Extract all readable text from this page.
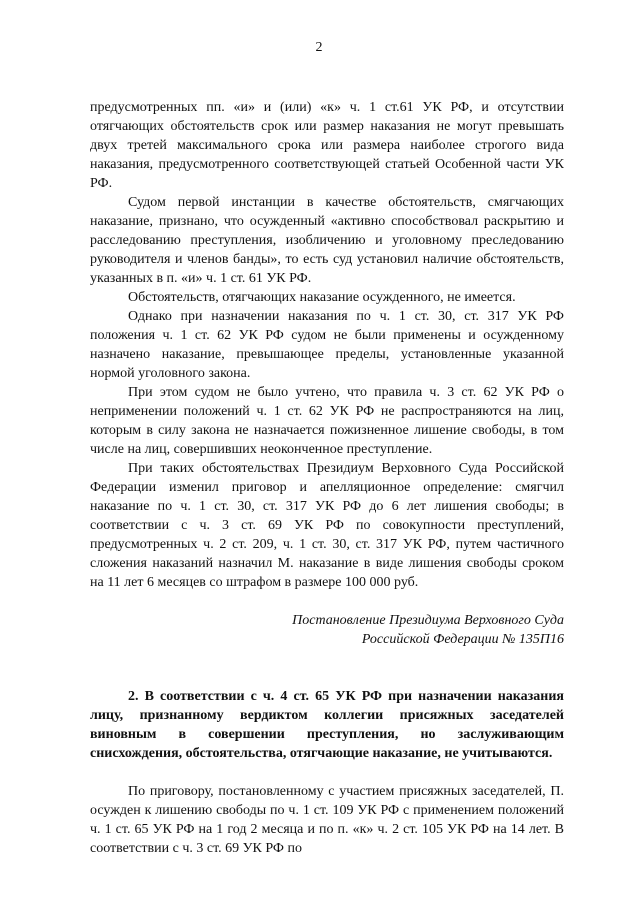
2

предусмотренных пп. «и» и (или) «к» ч. 1 ст.61 УК РФ, и отсутствии отягчающих обстоятельств срок или размер наказания не могут превышать двух третей максимального срока или размера наиболее строгого вида наказания, предусмотренного соответствующей статьей Особенной части УК РФ.

Судом первой инстанции в качестве обстоятельств, смягчающих наказание, признано, что осужденный «активно способствовал раскрытию и расследованию преступления, изобличению и уголовному преследованию руководителя и членов банды», то есть суд установил наличие обстоятельств, указанных в п. «и» ч. 1 ст. 61 УК РФ.

Обстоятельств, отягчающих наказание осужденного, не имеется.

Однако при назначении наказания по ч. 1 ст. 30, ст. 317 УК РФ положения ч. 1 ст. 62 УК РФ судом не были применены и осужденному назначено наказание, превышающее пределы, установленные указанной нормой уголовного закона.

При этом судом не было учтено, что правила ч. 3 ст. 62 УК РФ о неприменении положений ч. 1 ст. 62 УК РФ не распространяются на лиц, которым в силу закона не назначается пожизненное лишение свободы, в том числе на лиц, совершивших неоконченное преступление.

При таких обстоятельствах Президиум Верховного Суда Российской Федерации изменил приговор и апелляционное определение: смягчил наказание по ч. 1 ст. 30, ст. 317 УК РФ до 6 лет лишения свободы; в соответствии с ч. 3 ст. 69 УК РФ по совокупности преступлений, предусмотренных ч. 2 ст. 209, ч. 1 ст. 30, ст. 317 УК РФ, путем частичного сложения наказаний назначил М. наказание в виде лишения свободы сроком на 11 лет 6 месяцев со штрафом в размере 100 000 руб.

Постановление Президиума Верховного Суда
Российской Федерации № 135П16

2. В соответствии с ч. 4 ст. 65 УК РФ при назначении наказания лицу, признанному вердиктом коллегии присяжных заседателей виновным в совершении преступления, но заслуживающим снисхождения, обстоятельства, отягчающие наказание, не учитываются.

По приговору, постановленному с участием присяжных заседателей, П. осужден к лишению свободы по ч. 1 ст. 109 УК РФ с применением положений ч. 1 ст. 65 УК РФ на 1 год 2 месяца и по п. «к» ч. 2 ст. 105 УК РФ на 14 лет. В соответствии с ч. 3 ст. 69 УК РФ по
